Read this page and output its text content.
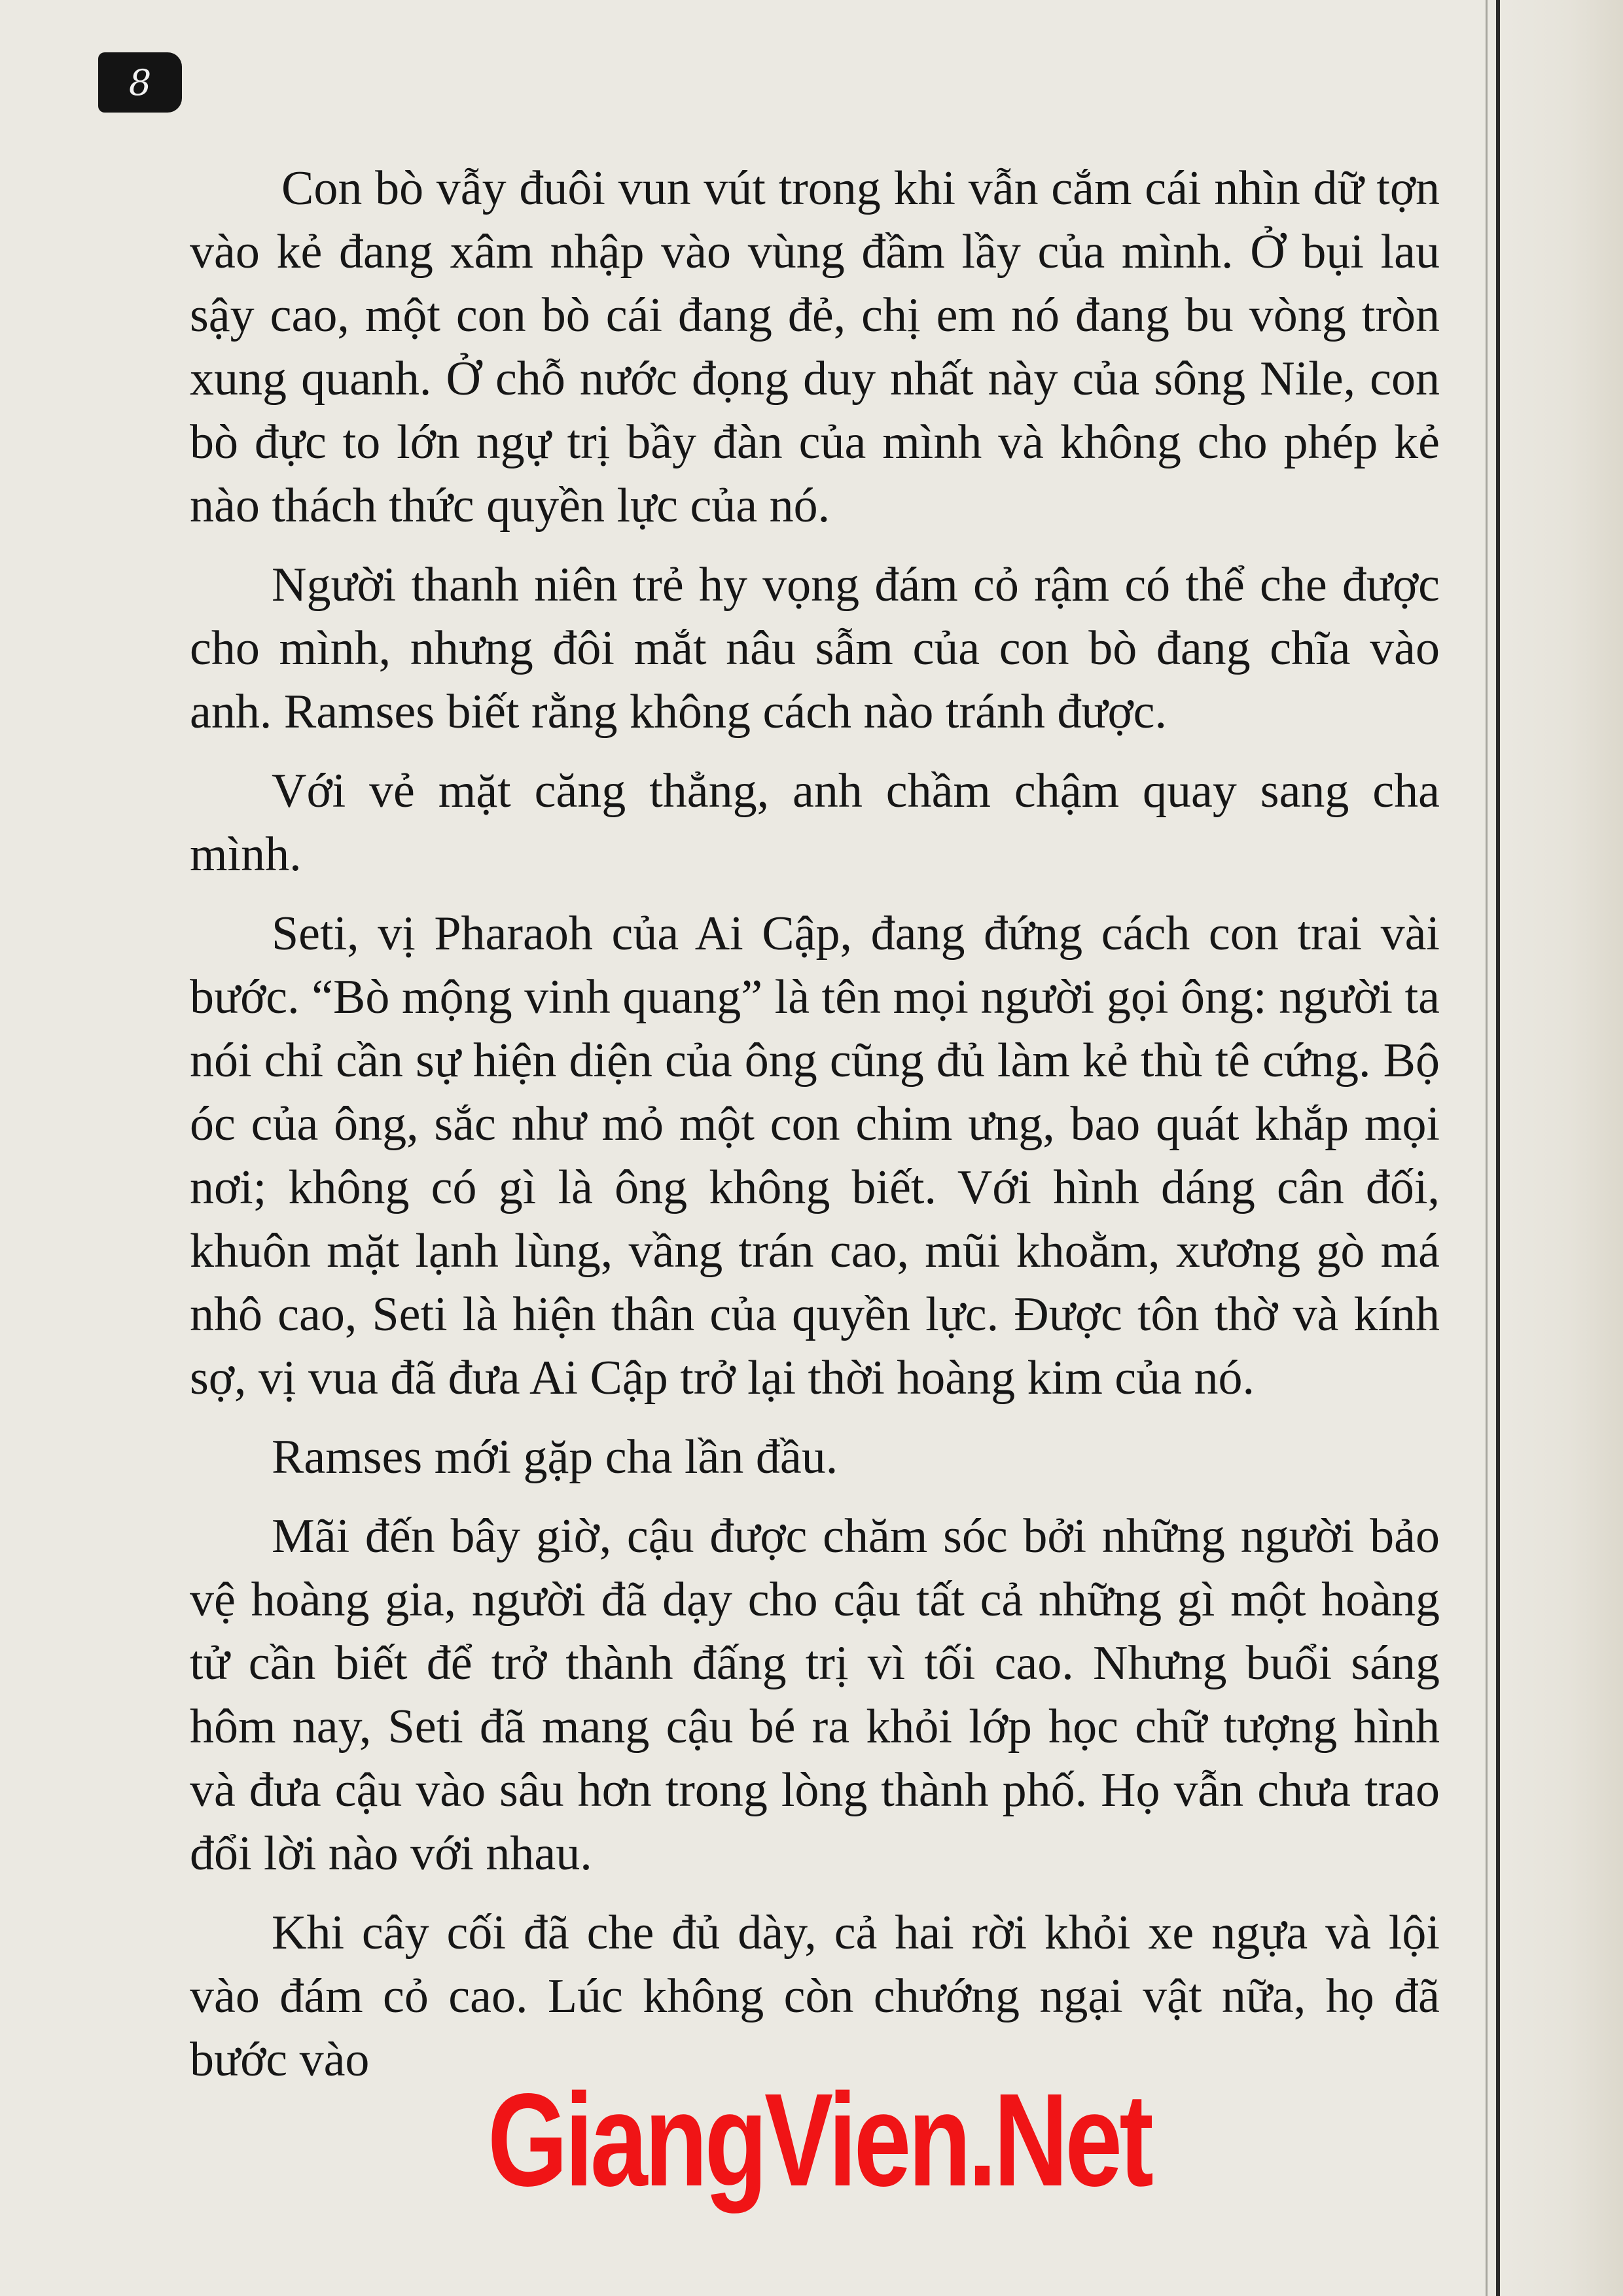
8

Con bò vẫy đuôi vun vút trong khi vẫn cắm cái nhìn dữ tợn vào kẻ đang xâm nhập vào vùng đầm lầy của mình. Ở bụi lau sậy cao, một con bò cái đang đẻ, chị em nó đang bu vòng tròn xung quanh. Ở chỗ nước đọng duy nhất này của sông Nile, con bò đực to lớn ngự trị bầy đàn của mình và không cho phép kẻ nào thách thức quyền lực của nó.

Người thanh niên trẻ hy vọng đám cỏ rậm có thể che được cho mình, nhưng đôi mắt nâu sẫm của con bò đang chĩa vào anh. Ramses biết rằng không cách nào tránh được.

Với vẻ mặt căng thẳng, anh chầm chậm quay sang cha mình.

Seti, vị Pharaoh của Ai Cập, đang đứng cách con trai vài bước. “Bò mộng vinh quang” là tên mọi người gọi ông: người ta nói chỉ cần sự hiện diện của ông cũng đủ làm kẻ thù tê cứng. Bộ óc của ông, sắc như mỏ một con chim ưng, bao quát khắp mọi nơi; không có gì là ông không biết. Với hình dáng cân đối, khuôn mặt lạnh lùng, vầng trán cao, mũi khoằm, xương gò má nhô cao, Seti là hiện thân của quyền lực. Được tôn thờ và kính sợ, vị vua đã đưa Ai Cập trở lại thời hoàng kim của nó.

Ramses mới gặp cha lần đầu.

Mãi đến bây giờ, cậu được chăm sóc bởi những người bảo vệ hoàng gia, người đã dạy cho cậu tất cả những gì một hoàng tử cần biết để trở thành đấng trị vì tối cao. Nhưng buổi sáng hôm nay, Seti đã mang cậu bé ra khỏi lớp học chữ tượng hình và đưa cậu vào sâu hơn trong lòng thành phố. Họ vẫn chưa trao đổi lời nào với nhau.

Khi cây cối đã che đủ dày, cả hai rời khỏi xe ngựa và lội vào đám cỏ cao. Lúc không còn chướng ngại vật nữa, họ đã bước vào

GiangVien.Net
